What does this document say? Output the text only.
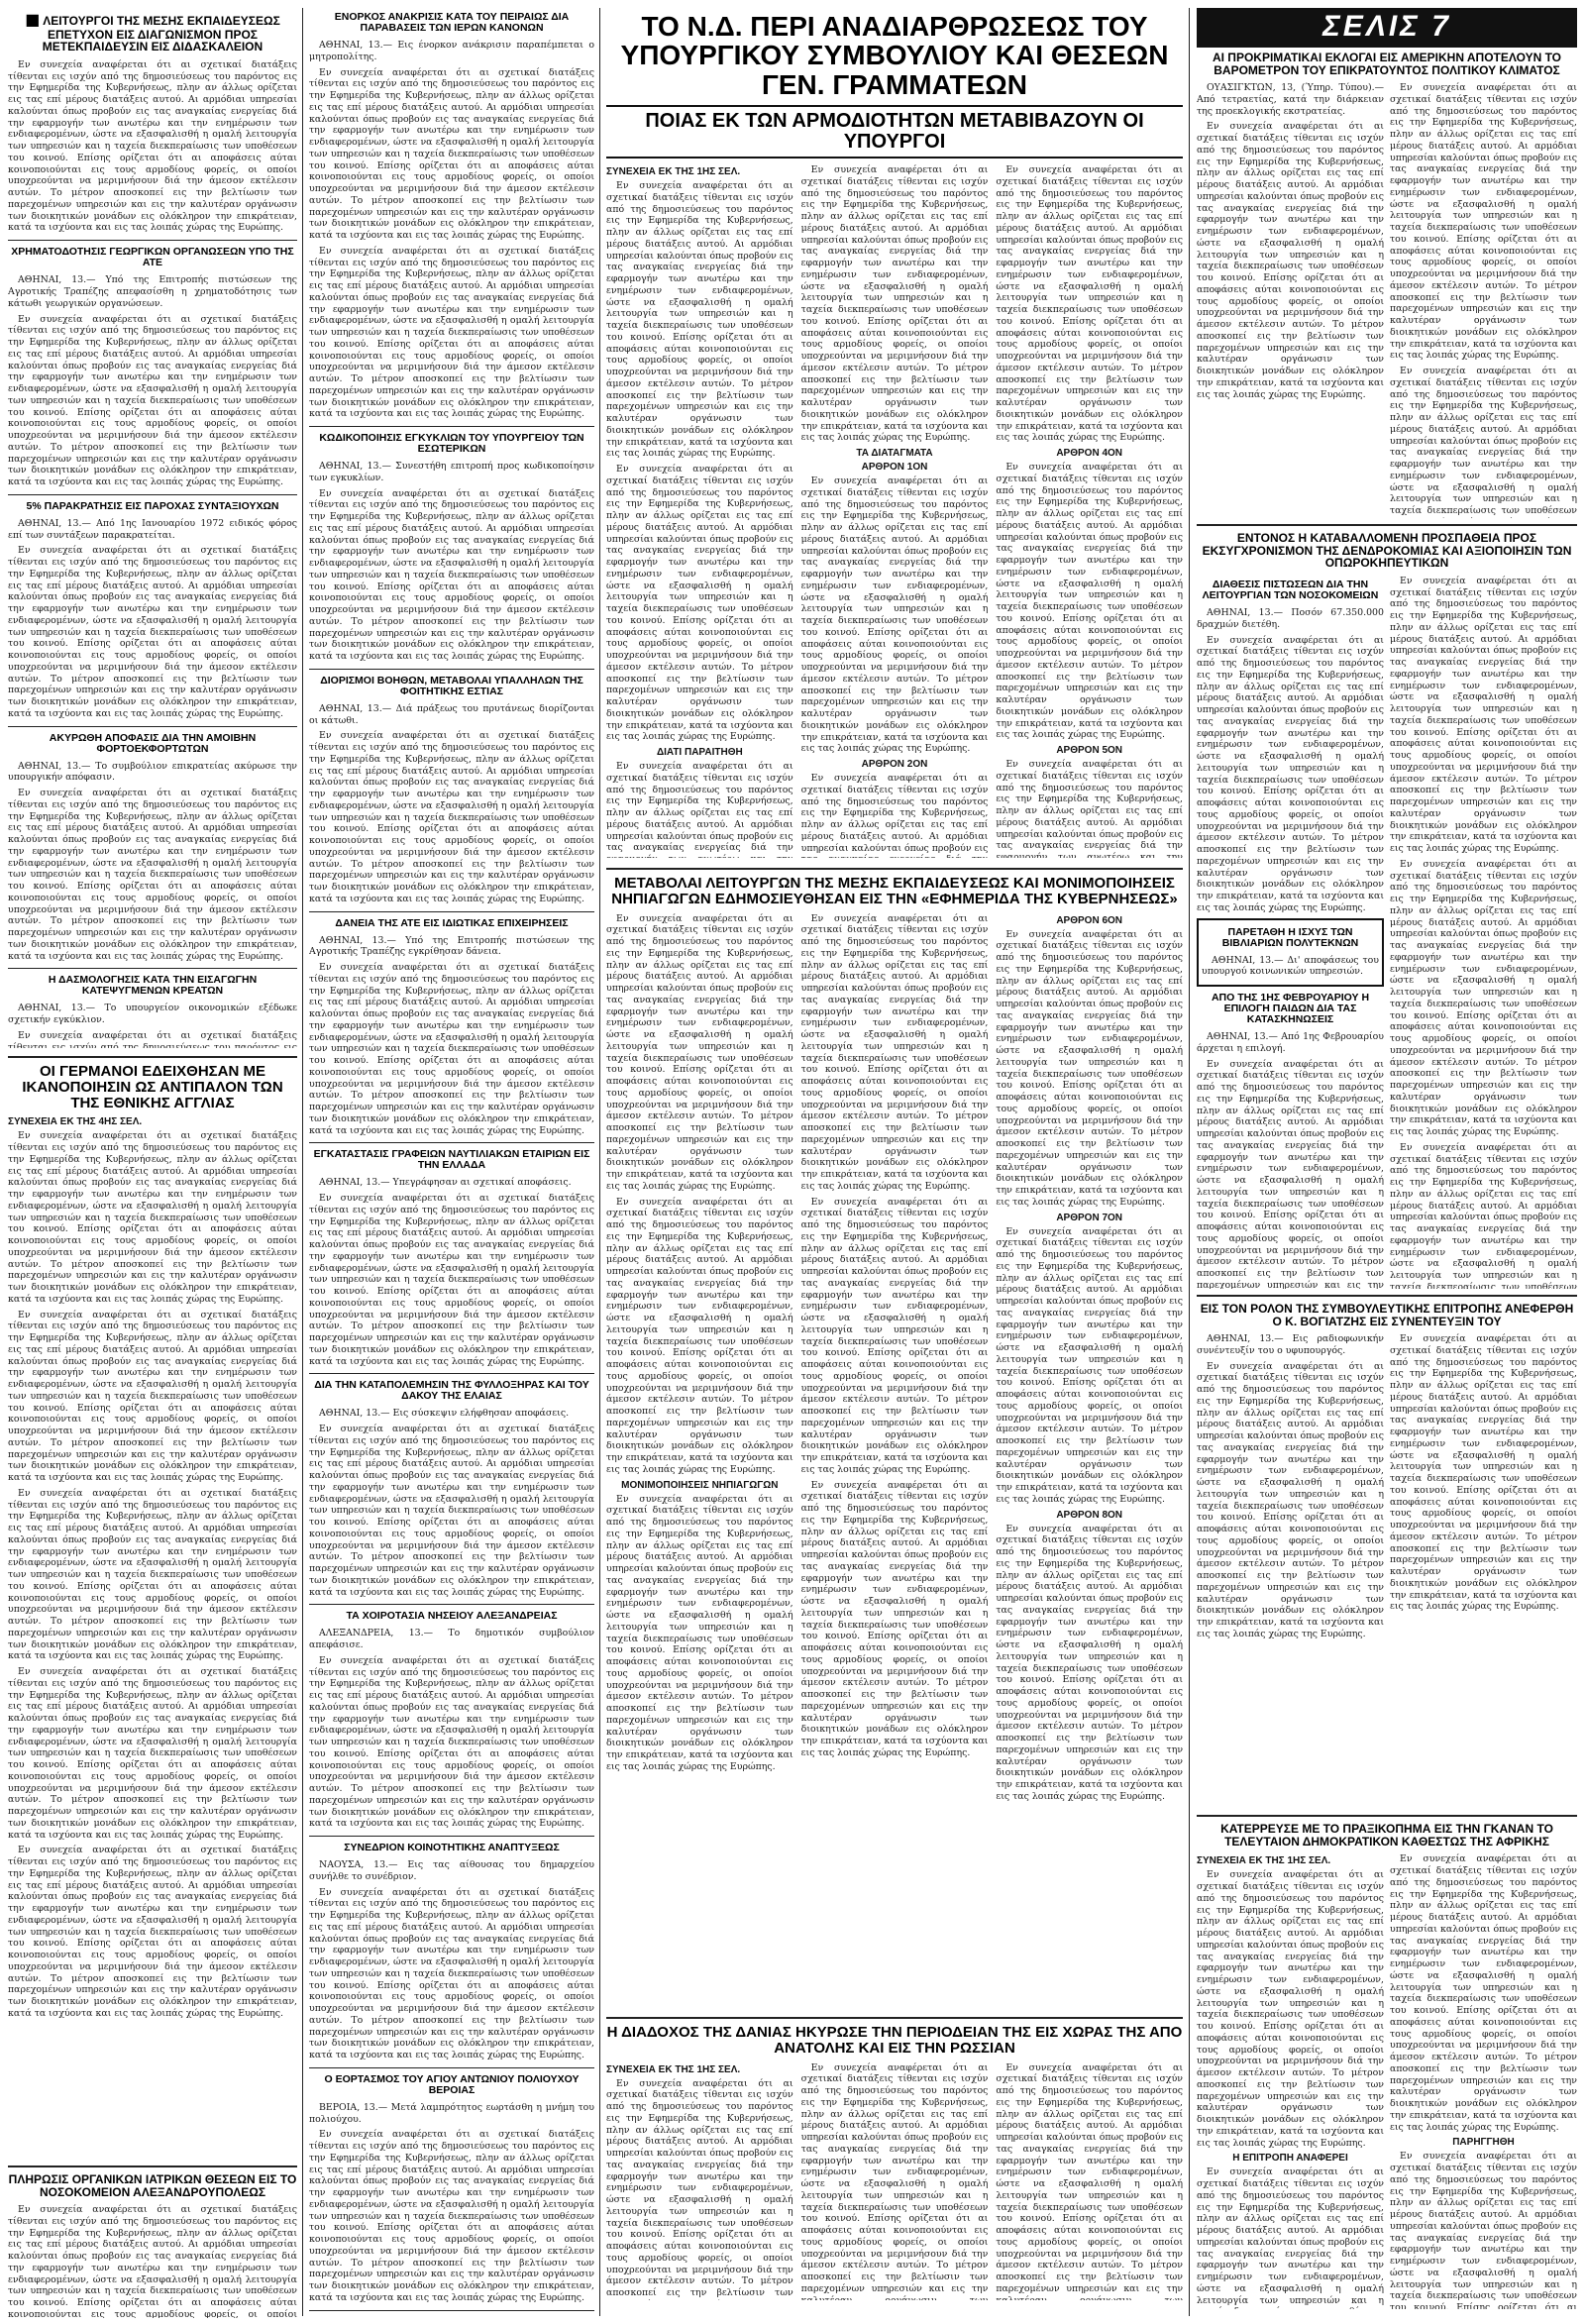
■ ΛΕΙΤΟΥΡΓΟΙ ΤΗΣ ΜΕΣΗΣ ΕΚΠΑΙΔΕΥΣΕΩΣ ΕΠΕΤΥΧΟΝ ΕΙΣ ΔΙΑΓΩΝΙΣΜΟΝ ΠΡΟΣ ΜΕΤΕΚΠΑΙΔΕΥΣΙΝ ΕΙΣ ΔΙΔΑΣΚΑΛΕΙΟΝ

Εν συνεχεία αναφέρεται ότι αι σχετικαί διατάξεις τίθενται εις ισχύν από της δημοσιεύσεως του παρόντος εις την Εφημερίδα της Κυβερνήσεως, πλην αν άλλως ορίζεται εις τας επί μέρους διατάξεις αυτού. Αι αρμόδιαι υπηρεσίαι καλούνται όπως προβούν εις τας αναγκαίας ενεργείας διά την εφαρμογήν των ανωτέρω και την ενημέρωσιν των ενδιαφερομένων, ώστε να εξασφαλισθή η ομαλή λειτουργία των υπηρεσιών και η ταχεία διεκπεραίωσις των υποθέσεων του κοινού. Επίσης ορίζεται ότι αι αποφάσεις αύται κοινοποιούνται εις τους αρμοδίους φορείς, οι οποίοι υποχρεούνται να μεριμνήσουν διά την άμεσον εκτέλεσιν αυτών. Το μέτρον αποσκοπεί εις την βελτίωσιν των παρεχομένων υπηρεσιών και εις την καλυτέραν οργάνωσιν των διοικητικών μονάδων εις ολόκληρον την επικράτειαν, κατά τα ισχύοντα και εις τας λοιπάς χώρας της Ευρώπης.

ΧΡΗΜΑΤΟΔΟΤΗΣΙΣ ΓΕΩΡΓΙΚΩΝ ΟΡΓΑΝΩΣΕΩΝ ΥΠΟ ΤΗΣ ΑΤΕ

ΑΘΗΝΑΙ, 13.— Υπό της Επιτροπής πιστώσεων της Αγροτικής Τραπέζης απεφασίσθη η χρηματοδότησις των κάτωθι γεωργικών οργανώσεων.

Εν συνεχεία αναφέρεται ότι αι σχετικαί διατάξεις τίθενται εις ισχύν από της δημοσιεύσεως του παρόντος εις την Εφημερίδα της Κυβερνήσεως, πλην αν άλλως ορίζεται εις τας επί μέρους διατάξεις αυτού. Αι αρμόδιαι υπηρεσίαι καλούνται όπως προβούν εις τας αναγκαίας ενεργείας διά την εφαρμογήν των ανωτέρω και την ενημέρωσιν των ενδιαφερομένων, ώστε να εξασφαλισθή η ομαλή λειτουργία των υπηρεσιών και η ταχεία διεκπεραίωσις των υποθέσεων του κοινού. Επίσης ορίζεται ότι αι αποφάσεις αύται κοινοποιούνται εις τους αρμοδίους φορείς, οι οποίοι υποχρεούνται να μεριμνήσουν διά την άμεσον εκτέλεσιν αυτών. Το μέτρον αποσκοπεί εις την βελτίωσιν των παρεχομένων υπηρεσιών και εις την καλυτέραν οργάνωσιν των διοικητικών μονάδων εις ολόκληρον την επικράτειαν, κατά τα ισχύοντα και εις τας λοιπάς χώρας της Ευρώπης.

5% ΠΑΡΑΚΡΑΤΗΣΙΣ ΕΙΣ ΠΑΡΟΧΑΣ ΣΥΝΤΑΞΙΟΥΧΩΝ

ΑΘΗΝΑΙ, 13.— Από 1ης Ιανουαρίου 1972 ειδικός φόρος επί των συντάξεων παρακρατείται.

Εν συνεχεία αναφέρεται ότι αι σχετικαί διατάξεις τίθενται εις ισχύν από της δημοσιεύσεως του παρόντος εις την Εφημερίδα της Κυβερνήσεως, πλην αν άλλως ορίζεται εις τας επί μέρους διατάξεις αυτού. Αι αρμόδιαι υπηρεσίαι καλούνται όπως προβούν εις τας αναγκαίας ενεργείας διά την εφαρμογήν των ανωτέρω και την ενημέρωσιν των ενδιαφερομένων, ώστε να εξασφαλισθή η ομαλή λειτουργία των υπηρεσιών και η ταχεία διεκπεραίωσις των υποθέσεων του κοινού. Επίσης ορίζεται ότι αι αποφάσεις αύται κοινοποιούνται εις τους αρμοδίους φορείς, οι οποίοι υποχρεούνται να μεριμνήσουν διά την άμεσον εκτέλεσιν αυτών. Το μέτρον αποσκοπεί εις την βελτίωσιν των παρεχομένων υπηρεσιών και εις την καλυτέραν οργάνωσιν των διοικητικών μονάδων εις ολόκληρον την επικράτειαν, κατά τα ισχύοντα και εις τας λοιπάς χώρας της Ευρώπης.

ΑΚΥΡΩΘΗ ΑΠΟΦΑΣΙΣ ΔΙΑ ΤΗΝ ΑΜΟΙΒΗΝ ΦΟΡΤΟΕΚΦΟΡΤΩΤΩΝ

ΑΘΗΝΑΙ, 13.— Το συμβούλιον επικρατείας ακύρωσε την υπουργικήν απόφασιν.

Εν συνεχεία αναφέρεται ότι αι σχετικαί διατάξεις τίθενται εις ισχύν από της δημοσιεύσεως του παρόντος εις την Εφημερίδα της Κυβερνήσεως, πλην αν άλλως ορίζεται εις τας επί μέρους διατάξεις αυτού. Αι αρμόδιαι υπηρεσίαι καλούνται όπως προβούν εις τας αναγκαίας ενεργείας διά την εφαρμογήν των ανωτέρω και την ενημέρωσιν των ενδιαφερομένων, ώστε να εξασφαλισθή η ομαλή λειτουργία των υπηρεσιών και η ταχεία διεκπεραίωσις των υποθέσεων του κοινού. Επίσης ορίζεται ότι αι αποφάσεις αύται κοινοποιούνται εις τους αρμοδίους φορείς, οι οποίοι υποχρεούνται να μεριμνήσουν διά την άμεσον εκτέλεσιν αυτών. Το μέτρον αποσκοπεί εις την βελτίωσιν των παρεχομένων υπηρεσιών και εις την καλυτέραν οργάνωσιν των διοικητικών μονάδων εις ολόκληρον την επικράτειαν, κατά τα ισχύοντα και εις τας λοιπάς χώρας της Ευρώπης.

Η ΔΑΣΜΟΛΟΓΗΣΙΣ ΚΑΤΑ ΤΗΝ ΕΙΣΑΓΩΓΗΝ ΚΑΤΕΨΥΓΜΕΝΩΝ ΚΡΕΑΤΩΝ

ΑΘΗΝΑΙ, 13.— Το υπουργείον οικονομικών εξέδωκε σχετικήν εγκύκλιον.

Εν συνεχεία αναφέρεται ότι αι σχετικαί διατάξεις τίθενται εις ισχύν από της δημοσιεύσεως του παρόντος εις την Εφημερίδα της Κυβερνήσεως, πλην αν άλλως ορίζεται εις τας επί μέρους διατάξεις αυτού. Αι αρμόδιαι υπηρεσίαι καλούνται όπως προβούν εις τας αναγκαίας ενεργείας διά την εφαρμογήν των ανωτέρω και την ενημέρωσιν των ενδιαφερομένων, ώστε να εξασφαλισθή η ομαλή λειτουργία των υπηρεσιών και η ταχεία διεκπεραίωσις των υποθέσεων του κοινού. Επίσης ορίζεται ότι αι αποφάσεις αύται κοινοποιούνται εις τους αρμοδίους φορείς, οι οποίοι υποχρεούνται να μεριμνήσουν διά την άμεσον εκτέλεσιν αυτών. Το μέτρον αποσκοπεί εις την βελτίωσιν των παρεχομένων υπηρεσιών και εις την καλυτέραν οργάνωσιν των διοικητικών μονάδων εις ολόκληρον την επικράτειαν, κατά τα ισχύοντα και εις τας λοιπάς χώρας της Ευρώπης.

ΕΝΟΡΚΟΣ ΑΝΑΚΡΙΣΙΣ ΚΑΤΑ ΤΟΥ ΠΕΙΡΑΙΩΣ ΔΙΑ ΠΑΡΑΒΑΣΕΙΣ ΤΩΝ ΙΕΡΩΝ ΚΑΝΟΝΩΝ

ΑΘΗΝΑΙ, 13.— Εις ένορκον ανάκρισιν παραπέμπεται ο μητροπολίτης.

Εν συνεχεία αναφέρεται ότι αι σχετικαί διατάξεις τίθενται εις ισχύν από της δημοσιεύσεως του παρόντος εις την Εφημερίδα της Κυβερνήσεως, πλην αν άλλως ορίζεται εις τας επί μέρους διατάξεις αυτού. Αι αρμόδιαι υπηρεσίαι καλούνται όπως προβούν εις τας αναγκαίας ενεργείας διά την εφαρμογήν των ανωτέρω και την ενημέρωσιν των ενδιαφερομένων, ώστε να εξασφαλισθή η ομαλή λειτουργία των υπηρεσιών και η ταχεία διεκπεραίωσις των υποθέσεων του κοινού. Επίσης ορίζεται ότι αι αποφάσεις αύται κοινοποιούνται εις τους αρμοδίους φορείς, οι οποίοι υποχρεούνται να μεριμνήσουν διά την άμεσον εκτέλεσιν αυτών. Το μέτρον αποσκοπεί εις την βελτίωσιν των παρεχομένων υπηρεσιών και εις την καλυτέραν οργάνωσιν των διοικητικών μονάδων εις ολόκληρον την επικράτειαν, κατά τα ισχύοντα και εις τας λοιπάς χώρας της Ευρώπης.

Εν συνεχεία αναφέρεται ότι αι σχετικαί διατάξεις τίθενται εις ισχύν από της δημοσιεύσεως του παρόντος εις την Εφημερίδα της Κυβερνήσεως, πλην αν άλλως ορίζεται εις τας επί μέρους διατάξεις αυτού. Αι αρμόδιαι υπηρεσίαι καλούνται όπως προβούν εις τας αναγκαίας ενεργείας διά την εφαρμογήν των ανωτέρω και την ενημέρωσιν των ενδιαφερομένων, ώστε να εξασφαλισθή η ομαλή λειτουργία των υπηρεσιών και η ταχεία διεκπεραίωσις των υποθέσεων του κοινού. Επίσης ορίζεται ότι αι αποφάσεις αύται κοινοποιούνται εις τους αρμοδίους φορείς, οι οποίοι υποχρεούνται να μεριμνήσουν διά την άμεσον εκτέλεσιν αυτών. Το μέτρον αποσκοπεί εις την βελτίωσιν των παρεχομένων υπηρεσιών και εις την καλυτέραν οργάνωσιν των διοικητικών μονάδων εις ολόκληρον την επικράτειαν, κατά τα ισχύοντα και εις τας λοιπάς χώρας της Ευρώπης.

ΚΩΔΙΚΟΠΟΙΗΣΙΣ ΕΓΚΥΚΛΙΩΝ ΤΟΥ ΥΠΟΥΡΓΕΙΟΥ ΤΩΝ ΕΣΩΤΕΡΙΚΩΝ

ΑΘΗΝΑΙ, 13.— Συνεστήθη επιτροπή προς κωδικοποίησιν των εγκυκλίων.

Εν συνεχεία αναφέρεται ότι αι σχετικαί διατάξεις τίθενται εις ισχύν από της δημοσιεύσεως του παρόντος εις την Εφημερίδα της Κυβερνήσεως, πλην αν άλλως ορίζεται εις τας επί μέρους διατάξεις αυτού. Αι αρμόδιαι υπηρεσίαι καλούνται όπως προβούν εις τας αναγκαίας ενεργείας διά την εφαρμογήν των ανωτέρω και την ενημέρωσιν των ενδιαφερομένων, ώστε να εξασφαλισθή η ομαλή λειτουργία των υπηρεσιών και η ταχεία διεκπεραίωσις των υποθέσεων του κοινού. Επίσης ορίζεται ότι αι αποφάσεις αύται κοινοποιούνται εις τους αρμοδίους φορείς, οι οποίοι υποχρεούνται να μεριμνήσουν διά την άμεσον εκτέλεσιν αυτών. Το μέτρον αποσκοπεί εις την βελτίωσιν των παρεχομένων υπηρεσιών και εις την καλυτέραν οργάνωσιν των διοικητικών μονάδων εις ολόκληρον την επικράτειαν, κατά τα ισχύοντα και εις τας λοιπάς χώρας της Ευρώπης.

ΔΙΟΡΙΣΜΟΙ ΒΟΗΘΩΝ, ΜΕΤΑΒΟΛΑΙ ΥΠΑΛΛΗΛΩΝ ΤΗΣ ΦΟΙΤΗΤΙΚΗΣ ΕΣΤΙΑΣ

ΑΘΗΝΑΙ, 13.— Διά πράξεως του πρυτάνεως διορίζονται οι κάτωθι.

Εν συνεχεία αναφέρεται ότι αι σχετικαί διατάξεις τίθενται εις ισχύν από της δημοσιεύσεως του παρόντος εις την Εφημερίδα της Κυβερνήσεως, πλην αν άλλως ορίζεται εις τας επί μέρους διατάξεις αυτού. Αι αρμόδιαι υπηρεσίαι καλούνται όπως προβούν εις τας αναγκαίας ενεργείας διά την εφαρμογήν των ανωτέρω και την ενημέρωσιν των ενδιαφερομένων, ώστε να εξασφαλισθή η ομαλή λειτουργία των υπηρεσιών και η ταχεία διεκπεραίωσις των υποθέσεων του κοινού. Επίσης ορίζεται ότι αι αποφάσεις αύται κοινοποιούνται εις τους αρμοδίους φορείς, οι οποίοι υποχρεούνται να μεριμνήσουν διά την άμεσον εκτέλεσιν αυτών. Το μέτρον αποσκοπεί εις την βελτίωσιν των παρεχομένων υπηρεσιών και εις την καλυτέραν οργάνωσιν των διοικητικών μονάδων εις ολόκληρον την επικράτειαν, κατά τα ισχύοντα και εις τας λοιπάς χώρας της Ευρώπης.

ΔΑΝΕΙΑ ΤΗΣ ΑΤΕ ΕΙΣ ΙΔΙΩΤΙΚΑΣ ΕΠΙΧΕΙΡΗΣΕΙΣ

ΑΘΗΝΑΙ, 13.— Υπό της Επιτροπής πιστώσεων της Αγροτικής Τραπέζης εγκρίθησαν δάνεια.

Εν συνεχεία αναφέρεται ότι αι σχετικαί διατάξεις τίθενται εις ισχύν από της δημοσιεύσεως του παρόντος εις την Εφημερίδα της Κυβερνήσεως, πλην αν άλλως ορίζεται εις τας επί μέρους διατάξεις αυτού. Αι αρμόδιαι υπηρεσίαι καλούνται όπως προβούν εις τας αναγκαίας ενεργείας διά την εφαρμογήν των ανωτέρω και την ενημέρωσιν των ενδιαφερομένων, ώστε να εξασφαλισθή η ομαλή λειτουργία των υπηρεσιών και η ταχεία διεκπεραίωσις των υποθέσεων του κοινού. Επίσης ορίζεται ότι αι αποφάσεις αύται κοινοποιούνται εις τους αρμοδίους φορείς, οι οποίοι υποχρεούνται να μεριμνήσουν διά την άμεσον εκτέλεσιν αυτών. Το μέτρον αποσκοπεί εις την βελτίωσιν των παρεχομένων υπηρεσιών και εις την καλυτέραν οργάνωσιν των διοικητικών μονάδων εις ολόκληρον την επικράτειαν, κατά τα ισχύοντα και εις τας λοιπάς χώρας της Ευρώπης.

ΕΓΚΑΤΑΣΤΑΣΙΣ ΓΡΑΦΕΙΩΝ ΝΑΥΤΙΛΙΑΚΩΝ ΕΤΑΙΡΙΩΝ ΕΙΣ ΤΗΝ ΕΛΛΑΔΑ

ΑΘΗΝΑΙ, 13.— Υπεγράφησαν αι σχετικαί αποφάσεις.

Εν συνεχεία αναφέρεται ότι αι σχετικαί διατάξεις τίθενται εις ισχύν από της δημοσιεύσεως του παρόντος εις την Εφημερίδα της Κυβερνήσεως, πλην αν άλλως ορίζεται εις τας επί μέρους διατάξεις αυτού. Αι αρμόδιαι υπηρεσίαι καλούνται όπως προβούν εις τας αναγκαίας ενεργείας διά την εφαρμογήν των ανωτέρω και την ενημέρωσιν των ενδιαφερομένων, ώστε να εξασφαλισθή η ομαλή λειτουργία των υπηρεσιών και η ταχεία διεκπεραίωσις των υποθέσεων του κοινού. Επίσης ορίζεται ότι αι αποφάσεις αύται κοινοποιούνται εις τους αρμοδίους φορείς, οι οποίοι υποχρεούνται να μεριμνήσουν διά την άμεσον εκτέλεσιν αυτών. Το μέτρον αποσκοπεί εις την βελτίωσιν των παρεχομένων υπηρεσιών και εις την καλυτέραν οργάνωσιν των διοικητικών μονάδων εις ολόκληρον την επικράτειαν, κατά τα ισχύοντα και εις τας λοιπάς χώρας της Ευρώπης.

ΔΙΑ ΤΗΝ ΚΑΤΑΠΟΛΕΜΗΣΙΝ ΤΗΣ ΦΥΛΛΟΞΗΡΑΣ ΚΑΙ ΤΟΥ ΔΑΚΟΥ ΤΗΣ ΕΛΑΙΑΣ

ΑΘΗΝΑΙ, 13.— Εις σύσκεψιν ελήφθησαν αποφάσεις.

Εν συνεχεία αναφέρεται ότι αι σχετικαί διατάξεις τίθενται εις ισχύν από της δημοσιεύσεως του παρόντος εις την Εφημερίδα της Κυβερνήσεως, πλην αν άλλως ορίζεται εις τας επί μέρους διατάξεις αυτού. Αι αρμόδιαι υπηρεσίαι καλούνται όπως προβούν εις τας αναγκαίας ενεργείας διά την εφαρμογήν των ανωτέρω και την ενημέρωσιν των ενδιαφερομένων, ώστε να εξασφαλισθή η ομαλή λειτουργία των υπηρεσιών και η ταχεία διεκπεραίωσις των υποθέσεων του κοινού. Επίσης ορίζεται ότι αι αποφάσεις αύται κοινοποιούνται εις τους αρμοδίους φορείς, οι οποίοι υποχρεούνται να μεριμνήσουν διά την άμεσον εκτέλεσιν αυτών. Το μέτρον αποσκοπεί εις την βελτίωσιν των παρεχομένων υπηρεσιών και εις την καλυτέραν οργάνωσιν των διοικητικών μονάδων εις ολόκληρον την επικράτειαν, κατά τα ισχύοντα και εις τας λοιπάς χώρας της Ευρώπης.

ΤΑ ΧΟΙΡΟΤΑΣΙΑ ΝΗΣΕΙΟΥ ΑΛΕΞΑΝΔΡΕΙΑΣ

ΑΛΕΞΑΝΔΡΕΙΑ, 13.— Το δημοτικόν συμβούλιον απεφάσισε.

Εν συνεχεία αναφέρεται ότι αι σχετικαί διατάξεις τίθενται εις ισχύν από της δημοσιεύσεως του παρόντος εις την Εφημερίδα της Κυβερνήσεως, πλην αν άλλως ορίζεται εις τας επί μέρους διατάξεις αυτού. Αι αρμόδιαι υπηρεσίαι καλούνται όπως προβούν εις τας αναγκαίας ενεργείας διά την εφαρμογήν των ανωτέρω και την ενημέρωσιν των ενδιαφερομένων, ώστε να εξασφαλισθή η ομαλή λειτουργία των υπηρεσιών και η ταχεία διεκπεραίωσις των υποθέσεων του κοινού. Επίσης ορίζεται ότι αι αποφάσεις αύται κοινοποιούνται εις τους αρμοδίους φορείς, οι οποίοι υποχρεούνται να μεριμνήσουν διά την άμεσον εκτέλεσιν αυτών. Το μέτρον αποσκοπεί εις την βελτίωσιν των παρεχομένων υπηρεσιών και εις την καλυτέραν οργάνωσιν των διοικητικών μονάδων εις ολόκληρον την επικράτειαν, κατά τα ισχύοντα και εις τας λοιπάς χώρας της Ευρώπης.

ΣΥΝΕΔΡΙΟΝ ΚΟΙΝΟΤΗΤΙΚΗΣ ΑΝΑΠΤΥΞΕΩΣ

ΝΑΟΥΣΑ, 13.— Εις τας αίθουσας του δημαρχείου συνήλθε το συνέδριον.

Εν συνεχεία αναφέρεται ότι αι σχετικαί διατάξεις τίθενται εις ισχύν από της δημοσιεύσεως του παρόντος εις την Εφημερίδα της Κυβερνήσεως, πλην αν άλλως ορίζεται εις τας επί μέρους διατάξεις αυτού. Αι αρμόδιαι υπηρεσίαι καλούνται όπως προβούν εις τας αναγκαίας ενεργείας διά την εφαρμογήν των ανωτέρω και την ενημέρωσιν των ενδιαφερομένων, ώστε να εξασφαλισθή η ομαλή λειτουργία των υπηρεσιών και η ταχεία διεκπεραίωσις των υποθέσεων του κοινού. Επίσης ορίζεται ότι αι αποφάσεις αύται κοινοποιούνται εις τους αρμοδίους φορείς, οι οποίοι υποχρεούνται να μεριμνήσουν διά την άμεσον εκτέλεσιν αυτών. Το μέτρον αποσκοπεί εις την βελτίωσιν των παρεχομένων υπηρεσιών και εις την καλυτέραν οργάνωσιν των διοικητικών μονάδων εις ολόκληρον την επικράτειαν, κατά τα ισχύοντα και εις τας λοιπάς χώρας της Ευρώπης.

Ο ΕΟΡΤΑΣΜΟΣ ΤΟΥ ΑΓΙΟΥ ΑΝΤΩΝΙΟΥ ΠΟΛΙΟΥΧΟΥ ΒΕΡΟΙΑΣ

ΒΕΡΟΙΑ, 13.— Μετά λαμπρότητος εωρτάσθη η μνήμη του πολιούχου.

Εν συνεχεία αναφέρεται ότι αι σχετικαί διατάξεις τίθενται εις ισχύν από της δημοσιεύσεως του παρόντος εις την Εφημερίδα της Κυβερνήσεως, πλην αν άλλως ορίζεται εις τας επί μέρους διατάξεις αυτού. Αι αρμόδιαι υπηρεσίαι καλούνται όπως προβούν εις τας αναγκαίας ενεργείας διά την εφαρμογήν των ανωτέρω και την ενημέρωσιν των ενδιαφερομένων, ώστε να εξασφαλισθή η ομαλή λειτουργία των υπηρεσιών και η ταχεία διεκπεραίωσις των υποθέσεων του κοινού. Επίσης ορίζεται ότι αι αποφάσεις αύται κοινοποιούνται εις τους αρμοδίους φορείς, οι οποίοι υποχρεούνται να μεριμνήσουν διά την άμεσον εκτέλεσιν αυτών. Το μέτρον αποσκοπεί εις την βελτίωσιν των παρεχομένων υπηρεσιών και εις την καλυτέραν οργάνωσιν των διοικητικών μονάδων εις ολόκληρον την επικράτειαν, κατά τα ισχύοντα και εις τας λοιπάς χώρας της Ευρώπης.

ΟΙ ΓΕΡΜΑΝΟΙ ΕΔΕΙΧΘΗΣΑΝ ΜΕ ΙΚΑΝΟΠΟΙΗΣΙΝ ΩΣ ΑΝΤΙΠΑΛΟΝ ΤΩΝ ΤΗΣ ΕΘΝΙΚΗΣ ΑΓΓΛΙΑΣ
ΣΥΝΕΧΕΙΑ ΕΚ ΤΗΣ 4ΗΣ ΣΕΛ.

Εν συνεχεία αναφέρεται ότι αι σχετικαί διατάξεις τίθενται εις ισχύν από της δημοσιεύσεως του παρόντος εις την Εφημερίδα της Κυβερνήσεως, πλην αν άλλως ορίζεται εις τας επί μέρους διατάξεις αυτού. Αι αρμόδιαι υπηρεσίαι καλούνται όπως προβούν εις τας αναγκαίας ενεργείας διά την εφαρμογήν των ανωτέρω και την ενημέρωσιν των ενδιαφερομένων, ώστε να εξασφαλισθή η ομαλή λειτουργία των υπηρεσιών και η ταχεία διεκπεραίωσις των υποθέσεων του κοινού. Επίσης ορίζεται ότι αι αποφάσεις αύται κοινοποιούνται εις τους αρμοδίους φορείς, οι οποίοι υποχρεούνται να μεριμνήσουν διά την άμεσον εκτέλεσιν αυτών. Το μέτρον αποσκοπεί εις την βελτίωσιν των παρεχομένων υπηρεσιών και εις την καλυτέραν οργάνωσιν των διοικητικών μονάδων εις ολόκληρον την επικράτειαν, κατά τα ισχύοντα και εις τας λοιπάς χώρας της Ευρώπης.

Εν συνεχεία αναφέρεται ότι αι σχετικαί διατάξεις τίθενται εις ισχύν από της δημοσιεύσεως του παρόντος εις την Εφημερίδα της Κυβερνήσεως, πλην αν άλλως ορίζεται εις τας επί μέρους διατάξεις αυτού. Αι αρμόδιαι υπηρεσίαι καλούνται όπως προβούν εις τας αναγκαίας ενεργείας διά την εφαρμογήν των ανωτέρω και την ενημέρωσιν των ενδιαφερομένων, ώστε να εξασφαλισθή η ομαλή λειτουργία των υπηρεσιών και η ταχεία διεκπεραίωσις των υποθέσεων του κοινού. Επίσης ορίζεται ότι αι αποφάσεις αύται κοινοποιούνται εις τους αρμοδίους φορείς, οι οποίοι υποχρεούνται να μεριμνήσουν διά την άμεσον εκτέλεσιν αυτών. Το μέτρον αποσκοπεί εις την βελτίωσιν των παρεχομένων υπηρεσιών και εις την καλυτέραν οργάνωσιν των διοικητικών μονάδων εις ολόκληρον την επικράτειαν, κατά τα ισχύοντα και εις τας λοιπάς χώρας της Ευρώπης.

Εν συνεχεία αναφέρεται ότι αι σχετικαί διατάξεις τίθενται εις ισχύν από της δημοσιεύσεως του παρόντος εις την Εφημερίδα της Κυβερνήσεως, πλην αν άλλως ορίζεται εις τας επί μέρους διατάξεις αυτού. Αι αρμόδιαι υπηρεσίαι καλούνται όπως προβούν εις τας αναγκαίας ενεργείας διά την εφαρμογήν των ανωτέρω και την ενημέρωσιν των ενδιαφερομένων, ώστε να εξασφαλισθή η ομαλή λειτουργία των υπηρεσιών και η ταχεία διεκπεραίωσις των υποθέσεων του κοινού. Επίσης ορίζεται ότι αι αποφάσεις αύται κοινοποιούνται εις τους αρμοδίους φορείς, οι οποίοι υποχρεούνται να μεριμνήσουν διά την άμεσον εκτέλεσιν αυτών. Το μέτρον αποσκοπεί εις την βελτίωσιν των παρεχομένων υπηρεσιών και εις την καλυτέραν οργάνωσιν των διοικητικών μονάδων εις ολόκληρον την επικράτειαν, κατά τα ισχύοντα και εις τας λοιπάς χώρας της Ευρώπης.

Εν συνεχεία αναφέρεται ότι αι σχετικαί διατάξεις τίθενται εις ισχύν από της δημοσιεύσεως του παρόντος εις την Εφημερίδα της Κυβερνήσεως, πλην αν άλλως ορίζεται εις τας επί μέρους διατάξεις αυτού. Αι αρμόδιαι υπηρεσίαι καλούνται όπως προβούν εις τας αναγκαίας ενεργείας διά την εφαρμογήν των ανωτέρω και την ενημέρωσιν των ενδιαφερομένων, ώστε να εξασφαλισθή η ομαλή λειτουργία των υπηρεσιών και η ταχεία διεκπεραίωσις των υποθέσεων του κοινού. Επίσης ορίζεται ότι αι αποφάσεις αύται κοινοποιούνται εις τους αρμοδίους φορείς, οι οποίοι υποχρεούνται να μεριμνήσουν διά την άμεσον εκτέλεσιν αυτών. Το μέτρον αποσκοπεί εις την βελτίωσιν των παρεχομένων υπηρεσιών και εις την καλυτέραν οργάνωσιν των διοικητικών μονάδων εις ολόκληρον την επικράτειαν, κατά τα ισχύοντα και εις τας λοιπάς χώρας της Ευρώπης.

Εν συνεχεία αναφέρεται ότι αι σχετικαί διατάξεις τίθενται εις ισχύν από της δημοσιεύσεως του παρόντος εις την Εφημερίδα της Κυβερνήσεως, πλην αν άλλως ορίζεται εις τας επί μέρους διατάξεις αυτού. Αι αρμόδιαι υπηρεσίαι καλούνται όπως προβούν εις τας αναγκαίας ενεργείας διά την εφαρμογήν των ανωτέρω και την ενημέρωσιν των ενδιαφερομένων, ώστε να εξασφαλισθή η ομαλή λειτουργία των υπηρεσιών και η ταχεία διεκπεραίωσις των υποθέσεων του κοινού. Επίσης ορίζεται ότι αι αποφάσεις αύται κοινοποιούνται εις τους αρμοδίους φορείς, οι οποίοι υποχρεούνται να μεριμνήσουν διά την άμεσον εκτέλεσιν αυτών. Το μέτρον αποσκοπεί εις την βελτίωσιν των παρεχομένων υπηρεσιών και εις την καλυτέραν οργάνωσιν των διοικητικών μονάδων εις ολόκληρον την επικράτειαν, κατά τα ισχύοντα και εις τας λοιπάς χώρας της Ευρώπης.

ΠΛΗΡΩΣΙΣ ΟΡΓΑΝΙΚΩΝ ΙΑΤΡΙΚΩΝ ΘΕΣΕΩΝ ΕΙΣ ΤΟ ΝΟΣΟΚΟΜΕΙΟΝ ΑΛΕΞΑΝΔΡΟΥΠΟΛΕΩΣ

Εν συνεχεία αναφέρεται ότι αι σχετικαί διατάξεις τίθενται εις ισχύν από της δημοσιεύσεως του παρόντος εις την Εφημερίδα της Κυβερνήσεως, πλην αν άλλως ορίζεται εις τας επί μέρους διατάξεις αυτού. Αι αρμόδιαι υπηρεσίαι καλούνται όπως προβούν εις τας αναγκαίας ενεργείας διά την εφαρμογήν των ανωτέρω και την ενημέρωσιν των ενδιαφερομένων, ώστε να εξασφαλισθή η ομαλή λειτουργία των υπηρεσιών και η ταχεία διεκπεραίωσις των υποθέσεων του κοινού. Επίσης ορίζεται ότι αι αποφάσεις αύται κοινοποιούνται εις τους αρμοδίους φορείς, οι οποίοι υποχρεούνται να μεριμνήσουν διά την άμεσον εκτέλεσιν αυτών. Το μέτρον αποσκοπεί εις την βελτίωσιν των παρεχομένων υπηρεσιών και εις την καλυτέραν οργάνωσιν των διοικητικών μονάδων εις ολόκληρον την επικράτειαν, κατά τα ισχύοντα και εις τας λοιπάς χώρας της Ευρώπης.

ΤΟ Ν.Δ. ΠΕΡΙ ΑΝΑΔΙΑΡΘΡΩΣΕΩΣ ΤΟΥ ΥΠΟΥΡΓΙΚΟΥ ΣΥΜΒΟΥΛΙΟΥ ΚΑΙ ΘΕΣΕΩΝ ΓΕΝ. ΓΡΑΜΜΑΤΕΩΝ
ΠΟΙΑΣ ΕΚ ΤΩΝ ΑΡΜΟΔΙΟΤΗΤΩΝ ΜΕΤΑΒΙΒΑΖΟΥΝ ΟΙ ΥΠΟΥΡΓΟΙ
ΣΥΝΕΧΕΙΑ ΕΚ ΤΗΣ 1ΗΣ ΣΕΛ.

Εν συνεχεία αναφέρεται ότι αι σχετικαί διατάξεις τίθενται εις ισχύν από της δημοσιεύσεως του παρόντος εις την Εφημερίδα της Κυβερνήσεως, πλην αν άλλως ορίζεται εις τας επί μέρους διατάξεις αυτού. Αι αρμόδιαι υπηρεσίαι καλούνται όπως προβούν εις τας αναγκαίας ενεργείας διά την εφαρμογήν των ανωτέρω και την ενημέρωσιν των ενδιαφερομένων, ώστε να εξασφαλισθή η ομαλή λειτουργία των υπηρεσιών και η ταχεία διεκπεραίωσις των υποθέσεων του κοινού. Επίσης ορίζεται ότι αι αποφάσεις αύται κοινοποιούνται εις τους αρμοδίους φορείς, οι οποίοι υποχρεούνται να μεριμνήσουν διά την άμεσον εκτέλεσιν αυτών. Το μέτρον αποσκοπεί εις την βελτίωσιν των παρεχομένων υπηρεσιών και εις την καλυτέραν οργάνωσιν των διοικητικών μονάδων εις ολόκληρον την επικράτειαν, κατά τα ισχύοντα και εις τας λοιπάς χώρας της Ευρώπης.

Εν συνεχεία αναφέρεται ότι αι σχετικαί διατάξεις τίθενται εις ισχύν από της δημοσιεύσεως του παρόντος εις την Εφημερίδα της Κυβερνήσεως, πλην αν άλλως ορίζεται εις τας επί μέρους διατάξεις αυτού. Αι αρμόδιαι υπηρεσίαι καλούνται όπως προβούν εις τας αναγκαίας ενεργείας διά την εφαρμογήν των ανωτέρω και την ενημέρωσιν των ενδιαφερομένων, ώστε να εξασφαλισθή η ομαλή λειτουργία των υπηρεσιών και η ταχεία διεκπεραίωσις των υποθέσεων του κοινού. Επίσης ορίζεται ότι αι αποφάσεις αύται κοινοποιούνται εις τους αρμοδίους φορείς, οι οποίοι υποχρεούνται να μεριμνήσουν διά την άμεσον εκτέλεσιν αυτών. Το μέτρον αποσκοπεί εις την βελτίωσιν των παρεχομένων υπηρεσιών και εις την καλυτέραν οργάνωσιν των διοικητικών μονάδων εις ολόκληρον την επικράτειαν, κατά τα ισχύοντα και εις τας λοιπάς χώρας της Ευρώπης.

ΔΙΑΤΙ ΠΑΡΑΙΤΗΘΗ

Εν συνεχεία αναφέρεται ότι αι σχετικαί διατάξεις τίθενται εις ισχύν από της δημοσιεύσεως του παρόντος εις την Εφημερίδα της Κυβερνήσεως, πλην αν άλλως ορίζεται εις τας επί μέρους διατάξεις αυτού. Αι αρμόδιαι υπηρεσίαι καλούνται όπως προβούν εις τας αναγκαίας ενεργείας διά την εφαρμογήν των ανωτέρω και την ενημέρωσιν των ενδιαφερομένων, ώστε να εξασφαλισθή η ομαλή λειτουργία των υπηρεσιών και η ταχεία διεκπεραίωσις των υποθέσεων του κοινού. Επίσης ορίζεται ότι αι αποφάσεις αύται κοινοποιούνται εις τους αρμοδίους φορείς, οι οποίοι υποχρεούνται να μεριμνήσουν διά την άμεσον εκτέλεσιν αυτών. Το μέτρον αποσκοπεί εις την βελτίωσιν των παρεχομένων υπηρεσιών και εις την καλυτέραν οργάνωσιν των διοικητικών μονάδων εις ολόκληρον την επικράτειαν, κατά τα ισχύοντα και εις τας λοιπάς χώρας της Ευρώπης.

Εν συνεχεία αναφέρεται ότι αι σχετικαί διατάξεις τίθενται εις ισχύν από της δημοσιεύσεως του παρόντος εις την Εφημερίδα της Κυβερνήσεως, πλην αν άλλως ορίζεται εις τας επί μέρους διατάξεις αυτού. Αι αρμόδιαι υπηρεσίαι καλούνται όπως προβούν εις τας αναγκαίας ενεργείας διά την εφαρμογήν των ανωτέρω και την ενημέρωσιν των ενδιαφερομένων, ώστε να εξασφαλισθή η ομαλή λειτουργία των υπηρεσιών και η ταχεία διεκπεραίωσις των υποθέσεων του κοινού. Επίσης ορίζεται ότι αι αποφάσεις αύται κοινοποιούνται εις τους αρμοδίους φορείς, οι οποίοι υποχρεούνται να μεριμνήσουν διά την άμεσον εκτέλεσιν αυτών. Το μέτρον αποσκοπεί εις την βελτίωσιν των παρεχομένων υπηρεσιών και εις την καλυτέραν οργάνωσιν των διοικητικών μονάδων εις ολόκληρον την επικράτειαν, κατά τα ισχύοντα και εις τας λοιπάς χώρας της Ευρώπης.

ΤΑ ΔΙΑΤΑΓΜΑΤΑ
ΑΡΘΡΟΝ 1ΟΝ

Εν συνεχεία αναφέρεται ότι αι σχετικαί διατάξεις τίθενται εις ισχύν από της δημοσιεύσεως του παρόντος εις την Εφημερίδα της Κυβερνήσεως, πλην αν άλλως ορίζεται εις τας επί μέρους διατάξεις αυτού. Αι αρμόδιαι υπηρεσίαι καλούνται όπως προβούν εις τας αναγκαίας ενεργείας διά την εφαρμογήν των ανωτέρω και την ενημέρωσιν των ενδιαφερομένων, ώστε να εξασφαλισθή η ομαλή λειτουργία των υπηρεσιών και η ταχεία διεκπεραίωσις των υποθέσεων του κοινού. Επίσης ορίζεται ότι αι αποφάσεις αύται κοινοποιούνται εις τους αρμοδίους φορείς, οι οποίοι υποχρεούνται να μεριμνήσουν διά την άμεσον εκτέλεσιν αυτών. Το μέτρον αποσκοπεί εις την βελτίωσιν των παρεχομένων υπηρεσιών και εις την καλυτέραν οργάνωσιν των διοικητικών μονάδων εις ολόκληρον την επικράτειαν, κατά τα ισχύοντα και εις τας λοιπάς χώρας της Ευρώπης.

ΑΡΘΡΟΝ 2ΟΝ

Εν συνεχεία αναφέρεται ότι αι σχετικαί διατάξεις τίθενται εις ισχύν από της δημοσιεύσεως του παρόντος εις την Εφημερίδα της Κυβερνήσεως, πλην αν άλλως ορίζεται εις τας επί μέρους διατάξεις αυτού. Αι αρμόδιαι υπηρεσίαι καλούνται όπως προβούν εις τας αναγκαίας ενεργείας διά την εφαρμογήν των ανωτέρω και την ενημέρωσιν των ενδιαφερομένων, ώστε να εξασφαλισθή η ομαλή λειτουργία των υπηρεσιών και η ταχεία διεκπεραίωσις των υποθέσεων του κοινού. Επίσης ορίζεται ότι αι αποφάσεις αύται κοινοποιούνται εις τους αρμοδίους φορείς, οι οποίοι υποχρεούνται να μεριμνήσουν διά την άμεσον εκτέλεσιν αυτών. Το μέτρον αποσκοπεί εις την βελτίωσιν των παρεχομένων υπηρεσιών και εις την καλυτέραν οργάνωσιν των διοικητικών μονάδων εις ολόκληρον την επικράτειαν, κατά τα ισχύοντα και εις τας λοιπάς χώρας της Ευρώπης.

Εν συνεχεία αναφέρεται ότι αι σχετικαί διατάξεις τίθενται εις ισχύν από της δημοσιεύσεως του παρόντος εις την Εφημερίδα της Κυβερνήσεως, πλην αν άλλως ορίζεται εις τας επί μέρους διατάξεις αυτού. Αι αρμόδιαι υπηρεσίαι καλούνται όπως προβούν εις τας αναγκαίας ενεργείας διά την εφαρμογήν των ανωτέρω και την ενημέρωσιν των ενδιαφερομένων, ώστε να εξασφαλισθή η ομαλή λειτουργία των υπηρεσιών και η ταχεία διεκπεραίωσις των υποθέσεων του κοινού. Επίσης ορίζεται ότι αι αποφάσεις αύται κοινοποιούνται εις τους αρμοδίους φορείς, οι οποίοι υποχρεούνται να μεριμνήσουν διά την άμεσον εκτέλεσιν αυτών. Το μέτρον αποσκοπεί εις την βελτίωσιν των παρεχομένων υπηρεσιών και εις την καλυτέραν οργάνωσιν των διοικητικών μονάδων εις ολόκληρον την επικράτειαν, κατά τα ισχύοντα και εις τας λοιπάς χώρας της Ευρώπης.

ΑΡΘΡΟΝ 4ΟΝ

Εν συνεχεία αναφέρεται ότι αι σχετικαί διατάξεις τίθενται εις ισχύν από της δημοσιεύσεως του παρόντος εις την Εφημερίδα της Κυβερνήσεως, πλην αν άλλως ορίζεται εις τας επί μέρους διατάξεις αυτού. Αι αρμόδιαι υπηρεσίαι καλούνται όπως προβούν εις τας αναγκαίας ενεργείας διά την εφαρμογήν των ανωτέρω και την ενημέρωσιν των ενδιαφερομένων, ώστε να εξασφαλισθή η ομαλή λειτουργία των υπηρεσιών και η ταχεία διεκπεραίωσις των υποθέσεων του κοινού. Επίσης ορίζεται ότι αι αποφάσεις αύται κοινοποιούνται εις τους αρμοδίους φορείς, οι οποίοι υποχρεούνται να μεριμνήσουν διά την άμεσον εκτέλεσιν αυτών. Το μέτρον αποσκοπεί εις την βελτίωσιν των παρεχομένων υπηρεσιών και εις την καλυτέραν οργάνωσιν των διοικητικών μονάδων εις ολόκληρον την επικράτειαν, κατά τα ισχύοντα και εις τας λοιπάς χώρας της Ευρώπης.

ΑΡΘΡΟΝ 5ΟΝ

Εν συνεχεία αναφέρεται ότι αι σχετικαί διατάξεις τίθενται εις ισχύν από της δημοσιεύσεως του παρόντος εις την Εφημερίδα της Κυβερνήσεως, πλην αν άλλως ορίζεται εις τας επί μέρους διατάξεις αυτού. Αι αρμόδιαι υπηρεσίαι καλούνται όπως προβούν εις τας αναγκαίας ενεργείας διά την εφαρμογήν των ανωτέρω και την ενημέρωσιν των ενδιαφερομένων, ώστε να εξασφαλισθή η ομαλή λειτουργία των υπηρεσιών και η ταχεία διεκπεραίωσις των υποθέσεων του κοινού. Επίσης ορίζεται ότι αι αποφάσεις αύται κοινοποιούνται εις τους αρμοδίους φορείς, οι οποίοι υποχρεούνται να μεριμνήσουν διά την άμεσον εκτέλεσιν αυτών. Το μέτρον αποσκοπεί εις την βελτίωσιν των παρεχομένων υπηρεσιών και εις την καλυτέραν οργάνωσιν των διοικητικών μονάδων εις ολόκληρον την επικράτειαν, κατά τα ισχύοντα και εις τας λοιπάς χώρας της Ευρώπης.

ΜΕΤΑΒΟΛΑΙ ΛΕΙΤΟΥΡΓΩΝ ΤΗΣ ΜΕΣΗΣ ΕΚΠΑΙΔΕΥΣΕΩΣ ΚΑΙ ΜΟΝΙΜΟΠΟΙΗΣΕΙΣ ΝΗΠΙΑΓΩΓΩΝ ΕΔΗΜΟΣΙΕΥΘΗΣΑΝ ΕΙΣ ΤΗΝ «ΕΦΗΜΕΡΙΔΑ ΤΗΣ ΚΥΒΕΡΝΗΣΕΩΣ»

Εν συνεχεία αναφέρεται ότι αι σχετικαί διατάξεις τίθενται εις ισχύν από της δημοσιεύσεως του παρόντος εις την Εφημερίδα της Κυβερνήσεως, πλην αν άλλως ορίζεται εις τας επί μέρους διατάξεις αυτού. Αι αρμόδιαι υπηρεσίαι καλούνται όπως προβούν εις τας αναγκαίας ενεργείας διά την εφαρμογήν των ανωτέρω και την ενημέρωσιν των ενδιαφερομένων, ώστε να εξασφαλισθή η ομαλή λειτουργία των υπηρεσιών και η ταχεία διεκπεραίωσις των υποθέσεων του κοινού. Επίσης ορίζεται ότι αι αποφάσεις αύται κοινοποιούνται εις τους αρμοδίους φορείς, οι οποίοι υποχρεούνται να μεριμνήσουν διά την άμεσον εκτέλεσιν αυτών. Το μέτρον αποσκοπεί εις την βελτίωσιν των παρεχομένων υπηρεσιών και εις την καλυτέραν οργάνωσιν των διοικητικών μονάδων εις ολόκληρον την επικράτειαν, κατά τα ισχύοντα και εις τας λοιπάς χώρας της Ευρώπης.

Εν συνεχεία αναφέρεται ότι αι σχετικαί διατάξεις τίθενται εις ισχύν από της δημοσιεύσεως του παρόντος εις την Εφημερίδα της Κυβερνήσεως, πλην αν άλλως ορίζεται εις τας επί μέρους διατάξεις αυτού. Αι αρμόδιαι υπηρεσίαι καλούνται όπως προβούν εις τας αναγκαίας ενεργείας διά την εφαρμογήν των ανωτέρω και την ενημέρωσιν των ενδιαφερομένων, ώστε να εξασφαλισθή η ομαλή λειτουργία των υπηρεσιών και η ταχεία διεκπεραίωσις των υποθέσεων του κοινού. Επίσης ορίζεται ότι αι αποφάσεις αύται κοινοποιούνται εις τους αρμοδίους φορείς, οι οποίοι υποχρεούνται να μεριμνήσουν διά την άμεσον εκτέλεσιν αυτών. Το μέτρον αποσκοπεί εις την βελτίωσιν των παρεχομένων υπηρεσιών και εις την καλυτέραν οργάνωσιν των διοικητικών μονάδων εις ολόκληρον την επικράτειαν, κατά τα ισχύοντα και εις τας λοιπάς χώρας της Ευρώπης.

ΜΟΝΙΜΟΠΟΙΗΣΕΙΣ ΝΗΠΙΑΓΩΓΩΝ

Εν συνεχεία αναφέρεται ότι αι σχετικαί διατάξεις τίθενται εις ισχύν από της δημοσιεύσεως του παρόντος εις την Εφημερίδα της Κυβερνήσεως, πλην αν άλλως ορίζεται εις τας επί μέρους διατάξεις αυτού. Αι αρμόδιαι υπηρεσίαι καλούνται όπως προβούν εις τας αναγκαίας ενεργείας διά την εφαρμογήν των ανωτέρω και την ενημέρωσιν των ενδιαφερομένων, ώστε να εξασφαλισθή η ομαλή λειτουργία των υπηρεσιών και η ταχεία διεκπεραίωσις των υποθέσεων του κοινού. Επίσης ορίζεται ότι αι αποφάσεις αύται κοινοποιούνται εις τους αρμοδίους φορείς, οι οποίοι υποχρεούνται να μεριμνήσουν διά την άμεσον εκτέλεσιν αυτών. Το μέτρον αποσκοπεί εις την βελτίωσιν των παρεχομένων υπηρεσιών και εις την καλυτέραν οργάνωσιν των διοικητικών μονάδων εις ολόκληρον την επικράτειαν, κατά τα ισχύοντα και εις τας λοιπάς χώρας της Ευρώπης.

Εν συνεχεία αναφέρεται ότι αι σχετικαί διατάξεις τίθενται εις ισχύν από της δημοσιεύσεως του παρόντος εις την Εφημερίδα της Κυβερνήσεως, πλην αν άλλως ορίζεται εις τας επί μέρους διατάξεις αυτού. Αι αρμόδιαι υπηρεσίαι καλούνται όπως προβούν εις τας αναγκαίας ενεργείας διά την εφαρμογήν των ανωτέρω και την ενημέρωσιν των ενδιαφερομένων, ώστε να εξασφαλισθή η ομαλή λειτουργία των υπηρεσιών και η ταχεία διεκπεραίωσις των υποθέσεων του κοινού. Επίσης ορίζεται ότι αι αποφάσεις αύται κοινοποιούνται εις τους αρμοδίους φορείς, οι οποίοι υποχρεούνται να μεριμνήσουν διά την άμεσον εκτέλεσιν αυτών. Το μέτρον αποσκοπεί εις την βελτίωσιν των παρεχομένων υπηρεσιών και εις την καλυτέραν οργάνωσιν των διοικητικών μονάδων εις ολόκληρον την επικράτειαν, κατά τα ισχύοντα και εις τας λοιπάς χώρας της Ευρώπης.

Εν συνεχεία αναφέρεται ότι αι σχετικαί διατάξεις τίθενται εις ισχύν από της δημοσιεύσεως του παρόντος εις την Εφημερίδα της Κυβερνήσεως, πλην αν άλλως ορίζεται εις τας επί μέρους διατάξεις αυτού. Αι αρμόδιαι υπηρεσίαι καλούνται όπως προβούν εις τας αναγκαίας ενεργείας διά την εφαρμογήν των ανωτέρω και την ενημέρωσιν των ενδιαφερομένων, ώστε να εξασφαλισθή η ομαλή λειτουργία των υπηρεσιών και η ταχεία διεκπεραίωσις των υποθέσεων του κοινού. Επίσης ορίζεται ότι αι αποφάσεις αύται κοινοποιούνται εις τους αρμοδίους φορείς, οι οποίοι υποχρεούνται να μεριμνήσουν διά την άμεσον εκτέλεσιν αυτών. Το μέτρον αποσκοπεί εις την βελτίωσιν των παρεχομένων υπηρεσιών και εις την καλυτέραν οργάνωσιν των διοικητικών μονάδων εις ολόκληρον την επικράτειαν, κατά τα ισχύοντα και εις τας λοιπάς χώρας της Ευρώπης.

Εν συνεχεία αναφέρεται ότι αι σχετικαί διατάξεις τίθενται εις ισχύν από της δημοσιεύσεως του παρόντος εις την Εφημερίδα της Κυβερνήσεως, πλην αν άλλως ορίζεται εις τας επί μέρους διατάξεις αυτού. Αι αρμόδιαι υπηρεσίαι καλούνται όπως προβούν εις τας αναγκαίας ενεργείας διά την εφαρμογήν των ανωτέρω και την ενημέρωσιν των ενδιαφερομένων, ώστε να εξασφαλισθή η ομαλή λειτουργία των υπηρεσιών και η ταχεία διεκπεραίωσις των υποθέσεων του κοινού. Επίσης ορίζεται ότι αι αποφάσεις αύται κοινοποιούνται εις τους αρμοδίους φορείς, οι οποίοι υποχρεούνται να μεριμνήσουν διά την άμεσον εκτέλεσιν αυτών. Το μέτρον αποσκοπεί εις την βελτίωσιν των παρεχομένων υπηρεσιών και εις την καλυτέραν οργάνωσιν των διοικητικών μονάδων εις ολόκληρον την επικράτειαν, κατά τα ισχύοντα και εις τας λοιπάς χώρας της Ευρώπης.

ΑΡΘΡΟΝ 6ΟΝ

Εν συνεχεία αναφέρεται ότι αι σχετικαί διατάξεις τίθενται εις ισχύν από της δημοσιεύσεως του παρόντος εις την Εφημερίδα της Κυβερνήσεως, πλην αν άλλως ορίζεται εις τας επί μέρους διατάξεις αυτού. Αι αρμόδιαι υπηρεσίαι καλούνται όπως προβούν εις τας αναγκαίας ενεργείας διά την εφαρμογήν των ανωτέρω και την ενημέρωσιν των ενδιαφερομένων, ώστε να εξασφαλισθή η ομαλή λειτουργία των υπηρεσιών και η ταχεία διεκπεραίωσις των υποθέσεων του κοινού. Επίσης ορίζεται ότι αι αποφάσεις αύται κοινοποιούνται εις τους αρμοδίους φορείς, οι οποίοι υποχρεούνται να μεριμνήσουν διά την άμεσον εκτέλεσιν αυτών. Το μέτρον αποσκοπεί εις την βελτίωσιν των παρεχομένων υπηρεσιών και εις την καλυτέραν οργάνωσιν των διοικητικών μονάδων εις ολόκληρον την επικράτειαν, κατά τα ισχύοντα και εις τας λοιπάς χώρας της Ευρώπης.

ΑΡΘΡΟΝ 7ΟΝ

Εν συνεχεία αναφέρεται ότι αι σχετικαί διατάξεις τίθενται εις ισχύν από της δημοσιεύσεως του παρόντος εις την Εφημερίδα της Κυβερνήσεως, πλην αν άλλως ορίζεται εις τας επί μέρους διατάξεις αυτού. Αι αρμόδιαι υπηρεσίαι καλούνται όπως προβούν εις τας αναγκαίας ενεργείας διά την εφαρμογήν των ανωτέρω και την ενημέρωσιν των ενδιαφερομένων, ώστε να εξασφαλισθή η ομαλή λειτουργία των υπηρεσιών και η ταχεία διεκπεραίωσις των υποθέσεων του κοινού. Επίσης ορίζεται ότι αι αποφάσεις αύται κοινοποιούνται εις τους αρμοδίους φορείς, οι οποίοι υποχρεούνται να μεριμνήσουν διά την άμεσον εκτέλεσιν αυτών. Το μέτρον αποσκοπεί εις την βελτίωσιν των παρεχομένων υπηρεσιών και εις την καλυτέραν οργάνωσιν των διοικητικών μονάδων εις ολόκληρον την επικράτειαν, κατά τα ισχύοντα και εις τας λοιπάς χώρας της Ευρώπης.

ΑΡΘΡΟΝ 8ΟΝ

Εν συνεχεία αναφέρεται ότι αι σχετικαί διατάξεις τίθενται εις ισχύν από της δημοσιεύσεως του παρόντος εις την Εφημερίδα της Κυβερνήσεως, πλην αν άλλως ορίζεται εις τας επί μέρους διατάξεις αυτού. Αι αρμόδιαι υπηρεσίαι καλούνται όπως προβούν εις τας αναγκαίας ενεργείας διά την εφαρμογήν των ανωτέρω και την ενημέρωσιν των ενδιαφερομένων, ώστε να εξασφαλισθή η ομαλή λειτουργία των υπηρεσιών και η ταχεία διεκπεραίωσις των υποθέσεων του κοινού. Επίσης ορίζεται ότι αι αποφάσεις αύται κοινοποιούνται εις τους αρμοδίους φορείς, οι οποίοι υποχρεούνται να μεριμνήσουν διά την άμεσον εκτέλεσιν αυτών. Το μέτρον αποσκοπεί εις την βελτίωσιν των παρεχομένων υπηρεσιών και εις την καλυτέραν οργάνωσιν των διοικητικών μονάδων εις ολόκληρον την επικράτειαν, κατά τα ισχύοντα και εις τας λοιπάς χώρας της Ευρώπης.

Η ΔΙΑΔΟΧΟΣ ΤΗΣ ΔΑΝΙΑΣ ΗΚΥΡΩΣΕ ΤΗΝ ΠΕΡΙΟΔΕΙΑΝ ΤΗΣ ΕΙΣ ΧΩΡΑΣ ΤΗΣ ΑΠΟ ΑΝΑΤΟΛΗΣ ΚΑΙ ΕΙΣ ΤΗΝ ΡΩΣΣΙΑΝ
ΣΥΝΕΧΕΙΑ ΕΚ ΤΗΣ 1ΗΣ ΣΕΛ.

Εν συνεχεία αναφέρεται ότι αι σχετικαί διατάξεις τίθενται εις ισχύν από της δημοσιεύσεως του παρόντος εις την Εφημερίδα της Κυβερνήσεως, πλην αν άλλως ορίζεται εις τας επί μέρους διατάξεις αυτού. Αι αρμόδιαι υπηρεσίαι καλούνται όπως προβούν εις τας αναγκαίας ενεργείας διά την εφαρμογήν των ανωτέρω και την ενημέρωσιν των ενδιαφερομένων, ώστε να εξασφαλισθή η ομαλή λειτουργία των υπηρεσιών και η ταχεία διεκπεραίωσις των υποθέσεων του κοινού. Επίσης ορίζεται ότι αι αποφάσεις αύται κοινοποιούνται εις τους αρμοδίους φορείς, οι οποίοι υποχρεούνται να μεριμνήσουν διά την άμεσον εκτέλεσιν αυτών. Το μέτρον αποσκοπεί εις την βελτίωσιν των παρεχομένων υπηρεσιών και εις την καλυτέραν οργάνωσιν των διοικητικών μονάδων εις ολόκληρον την επικράτειαν, κατά τα ισχύοντα και εις τας λοιπάς χώρας της Ευρώπης.

Εν συνεχεία αναφέρεται ότι αι σχετικαί διατάξεις τίθενται εις ισχύν από της δημοσιεύσεως του παρόντος εις την Εφημερίδα της Κυβερνήσεως, πλην αν άλλως ορίζεται εις τας επί μέρους διατάξεις αυτού. Αι αρμόδιαι υπηρεσίαι καλούνται όπως προβούν εις τας αναγκαίας ενεργείας διά την εφαρμογήν των ανωτέρω και την ενημέρωσιν των ενδιαφερομένων, ώστε να εξασφαλισθή η ομαλή λειτουργία των υπηρεσιών και η ταχεία διεκπεραίωσις των υποθέσεων του κοινού. Επίσης ορίζεται ότι αι αποφάσεις αύται κοινοποιούνται εις τους αρμοδίους φορείς, οι οποίοι υποχρεούνται να μεριμνήσουν διά την άμεσον εκτέλεσιν αυτών. Το μέτρον αποσκοπεί εις την βελτίωσιν των παρεχομένων υπηρεσιών και εις την καλυτέραν οργάνωσιν των διοικητικών μονάδων εις ολόκληρον την επικράτειαν, κατά τα ισχύοντα και εις τας λοιπάς χώρας της Ευρώπης.

Εν συνεχεία αναφέρεται ότι αι σχετικαί διατάξεις τίθενται εις ισχύν από της δημοσιεύσεως του παρόντος εις την Εφημερίδα της Κυβερνήσεως, πλην αν άλλως ορίζεται εις τας επί μέρους διατάξεις αυτού. Αι αρμόδιαι υπηρεσίαι καλούνται όπως προβούν εις τας αναγκαίας ενεργείας διά την εφαρμογήν των ανωτέρω και την ενημέρωσιν των ενδιαφερομένων, ώστε να εξασφαλισθή η ομαλή λειτουργία των υπηρεσιών και η ταχεία διεκπεραίωσις των υποθέσεων του κοινού. Επίσης ορίζεται ότι αι αποφάσεις αύται κοινοποιούνται εις τους αρμοδίους φορείς, οι οποίοι υποχρεούνται να μεριμνήσουν διά την άμεσον εκτέλεσιν αυτών. Το μέτρον αποσκοπεί εις την βελτίωσιν των παρεχομένων υπηρεσιών και εις την καλυτέραν οργάνωσιν των διοικητικών μονάδων εις ολόκληρον την επικράτειαν, κατά τα ισχύοντα και εις τας λοιπάς χώρας της Ευρώπης.

ΣΕΛΙΣ 7
ΑΙ ΠΡΟΚΡΙΜΑΤΙΚΑΙ ΕΚΛΟΓΑΙ ΕΙΣ ΑΜΕΡΙΚΗΝ ΑΠΟΤΕΛΟΥΝ ΤΟ ΒΑΡΟΜΕΤΡΟΝ ΤΟΥ ΕΠΙΚΡΑΤΟΥΝΤΟΣ ΠΟΛΙΤΙΚΟΥ ΚΛΙΜΑΤΟΣ

ΟΥΑΣΙΓΚΤΩΝ, 13, (Ύπηρ. Τύπου).— Από τετραετίας, κατά την διάρκειαν της προεκλογικής εκστρατείας.

Εν συνεχεία αναφέρεται ότι αι σχετικαί διατάξεις τίθενται εις ισχύν από της δημοσιεύσεως του παρόντος εις την Εφημερίδα της Κυβερνήσεως, πλην αν άλλως ορίζεται εις τας επί μέρους διατάξεις αυτού. Αι αρμόδιαι υπηρεσίαι καλούνται όπως προβούν εις τας αναγκαίας ενεργείας διά την εφαρμογήν των ανωτέρω και την ενημέρωσιν των ενδιαφερομένων, ώστε να εξασφαλισθή η ομαλή λειτουργία των υπηρεσιών και η ταχεία διεκπεραίωσις των υποθέσεων του κοινού. Επίσης ορίζεται ότι αι αποφάσεις αύται κοινοποιούνται εις τους αρμοδίους φορείς, οι οποίοι υποχρεούνται να μεριμνήσουν διά την άμεσον εκτέλεσιν αυτών. Το μέτρον αποσκοπεί εις την βελτίωσιν των παρεχομένων υπηρεσιών και εις την καλυτέραν οργάνωσιν των διοικητικών μονάδων εις ολόκληρον την επικράτειαν, κατά τα ισχύοντα και εις τας λοιπάς χώρας της Ευρώπης.

Εν συνεχεία αναφέρεται ότι αι σχετικαί διατάξεις τίθενται εις ισχύν από της δημοσιεύσεως του παρόντος εις την Εφημερίδα της Κυβερνήσεως, πλην αν άλλως ορίζεται εις τας επί μέρους διατάξεις αυτού. Αι αρμόδιαι υπηρεσίαι καλούνται όπως προβούν εις τας αναγκαίας ενεργείας διά την εφαρμογήν των ανωτέρω και την ενημέρωσιν των ενδιαφερομένων, ώστε να εξασφαλισθή η ομαλή λειτουργία των υπηρεσιών και η ταχεία διεκπεραίωσις των υποθέσεων του κοινού. Επίσης ορίζεται ότι αι αποφάσεις αύται κοινοποιούνται εις τους αρμοδίους φορείς, οι οποίοι υποχρεούνται να μεριμνήσουν διά την άμεσον εκτέλεσιν αυτών. Το μέτρον αποσκοπεί εις την βελτίωσιν των παρεχομένων υπηρεσιών και εις την καλυτέραν οργάνωσιν των διοικητικών μονάδων εις ολόκληρον την επικράτειαν, κατά τα ισχύοντα και εις τας λοιπάς χώρας της Ευρώπης.

Εν συνεχεία αναφέρεται ότι αι σχετικαί διατάξεις τίθενται εις ισχύν από της δημοσιεύσεως του παρόντος εις την Εφημερίδα της Κυβερνήσεως, πλην αν άλλως ορίζεται εις τας επί μέρους διατάξεις αυτού. Αι αρμόδιαι υπηρεσίαι καλούνται όπως προβούν εις τας αναγκαίας ενεργείας διά την εφαρμογήν των ανωτέρω και την ενημέρωσιν των ενδιαφερομένων, ώστε να εξασφαλισθή η ομαλή λειτουργία των υπηρεσιών και η ταχεία διεκπεραίωσις των υποθέσεων του κοινού. Επίσης ορίζεται ότι αι αποφάσεις αύται κοινοποιούνται εις τους αρμοδίους φορείς, οι οποίοι υποχρεούνται να μεριμνήσουν διά την άμεσον εκτέλεσιν αυτών. Το μέτρον αποσκοπεί εις την βελτίωσιν των παρεχομένων υπηρεσιών και εις την καλυτέραν οργάνωσιν των διοικητικών μονάδων εις ολόκληρον την επικράτειαν, κατά τα ισχύοντα και εις τας λοιπάς χώρας της Ευρώπης.

ΕΝΤΟΝΟΣ Η ΚΑΤΑΒΑΛΛΟΜΕΝΗ ΠΡΟΣΠΑΘΕΙΑ ΠΡΟΣ ΕΚΣΥΓΧΡΟΝΙΣΜΟΝ ΤΗΣ ΔΕΝΔΡΟΚΟΜΙΑΣ ΚΑΙ ΑΞΙΟΠΟΙΗΣΙΝ ΤΩΝ ΟΠΩΡΟΚΗΠΕΥΤΙΚΩΝ
ΔΙΑΘΕΣΙΣ ΠΙΣΤΩΣΕΩΝ ΔΙΑ ΤΗΝ ΛΕΙΤΟΥΡΓΙΑΝ ΤΩΝ ΝΟΣΟΚΟΜΕΙΩΝ

ΑΘΗΝΑΙ, 13.— Ποσόν 67.350.000 δραχμών διετέθη.

Εν συνεχεία αναφέρεται ότι αι σχετικαί διατάξεις τίθενται εις ισχύν από της δημοσιεύσεως του παρόντος εις την Εφημερίδα της Κυβερνήσεως, πλην αν άλλως ορίζεται εις τας επί μέρους διατάξεις αυτού. Αι αρμόδιαι υπηρεσίαι καλούνται όπως προβούν εις τας αναγκαίας ενεργείας διά την εφαρμογήν των ανωτέρω και την ενημέρωσιν των ενδιαφερομένων, ώστε να εξασφαλισθή η ομαλή λειτουργία των υπηρεσιών και η ταχεία διεκπεραίωσις των υποθέσεων του κοινού. Επίσης ορίζεται ότι αι αποφάσεις αύται κοινοποιούνται εις τους αρμοδίους φορείς, οι οποίοι υποχρεούνται να μεριμνήσουν διά την άμεσον εκτέλεσιν αυτών. Το μέτρον αποσκοπεί εις την βελτίωσιν των παρεχομένων υπηρεσιών και εις την καλυτέραν οργάνωσιν των διοικητικών μονάδων εις ολόκληρον την επικράτειαν, κατά τα ισχύοντα και εις τας λοιπάς χώρας της Ευρώπης.

ΠΑΡΕΤΑΘΗ Η ΙΣΧΥΣ ΤΩΝ ΒΙΒΛΙΑΡΙΩΝ ΠΟΛΥΤΕΚΝΩΝ

ΑΘΗΝΑΙ, 13.— Δι' αποφάσεως του υπουργού κοινωνικών υπηρεσιών.

ΑΠΟ ΤΗΣ 1ΗΣ ΦΕΒΡΟΥΑΡΙΟΥ Η ΕΠΙΛΟΓΗ ΠΑΙΔΩΝ ΔΙΑ ΤΑΣ ΚΑΤΑΣΚΗΝΩΣΕΙΣ

ΑΘΗΝΑΙ, 13.— Από 1ης Φεβρουαρίου άρχεται η επιλογή.

Εν συνεχεία αναφέρεται ότι αι σχετικαί διατάξεις τίθενται εις ισχύν από της δημοσιεύσεως του παρόντος εις την Εφημερίδα της Κυβερνήσεως, πλην αν άλλως ορίζεται εις τας επί μέρους διατάξεις αυτού. Αι αρμόδιαι υπηρεσίαι καλούνται όπως προβούν εις τας αναγκαίας ενεργείας διά την εφαρμογήν των ανωτέρω και την ενημέρωσιν των ενδιαφερομένων, ώστε να εξασφαλισθή η ομαλή λειτουργία των υπηρεσιών και η ταχεία διεκπεραίωσις των υποθέσεων του κοινού. Επίσης ορίζεται ότι αι αποφάσεις αύται κοινοποιούνται εις τους αρμοδίους φορείς, οι οποίοι υποχρεούνται να μεριμνήσουν διά την άμεσον εκτέλεσιν αυτών. Το μέτρον αποσκοπεί εις την βελτίωσιν των παρεχομένων υπηρεσιών και εις την καλυτέραν οργάνωσιν των διοικητικών μονάδων εις ολόκληρον την επικράτειαν, κατά τα ισχύοντα και εις τας λοιπάς χώρας της Ευρώπης.

Εν συνεχεία αναφέρεται ότι αι σχετικαί διατάξεις τίθενται εις ισχύν από της δημοσιεύσεως του παρόντος εις την Εφημερίδα της Κυβερνήσεως, πλην αν άλλως ορίζεται εις τας επί μέρους διατάξεις αυτού. Αι αρμόδιαι υπηρεσίαι καλούνται όπως προβούν εις τας αναγκαίας ενεργείας διά την εφαρμογήν των ανωτέρω και την ενημέρωσιν των ενδιαφερομένων, ώστε να εξασφαλισθή η ομαλή λειτουργία των υπηρεσιών και η ταχεία διεκπεραίωσις των υποθέσεων του κοινού. Επίσης ορίζεται ότι αι αποφάσεις αύται κοινοποιούνται εις τους αρμοδίους φορείς, οι οποίοι υποχρεούνται να μεριμνήσουν διά την άμεσον εκτέλεσιν αυτών. Το μέτρον αποσκοπεί εις την βελτίωσιν των παρεχομένων υπηρεσιών και εις την καλυτέραν οργάνωσιν των διοικητικών μονάδων εις ολόκληρον την επικράτειαν, κατά τα ισχύοντα και εις τας λοιπάς χώρας της Ευρώπης.

Εν συνεχεία αναφέρεται ότι αι σχετικαί διατάξεις τίθενται εις ισχύν από της δημοσιεύσεως του παρόντος εις την Εφημερίδα της Κυβερνήσεως, πλην αν άλλως ορίζεται εις τας επί μέρους διατάξεις αυτού. Αι αρμόδιαι υπηρεσίαι καλούνται όπως προβούν εις τας αναγκαίας ενεργείας διά την εφαρμογήν των ανωτέρω και την ενημέρωσιν των ενδιαφερομένων, ώστε να εξασφαλισθή η ομαλή λειτουργία των υπηρεσιών και η ταχεία διεκπεραίωσις των υποθέσεων του κοινού. Επίσης ορίζεται ότι αι αποφάσεις αύται κοινοποιούνται εις τους αρμοδίους φορείς, οι οποίοι υποχρεούνται να μεριμνήσουν διά την άμεσον εκτέλεσιν αυτών. Το μέτρον αποσκοπεί εις την βελτίωσιν των παρεχομένων υπηρεσιών και εις την καλυτέραν οργάνωσιν των διοικητικών μονάδων εις ολόκληρον την επικράτειαν, κατά τα ισχύοντα και εις τας λοιπάς χώρας της Ευρώπης.

Εν συνεχεία αναφέρεται ότι αι σχετικαί διατάξεις τίθενται εις ισχύν από της δημοσιεύσεως του παρόντος εις την Εφημερίδα της Κυβερνήσεως, πλην αν άλλως ορίζεται εις τας επί μέρους διατάξεις αυτού. Αι αρμόδιαι υπηρεσίαι καλούνται όπως προβούν εις τας αναγκαίας ενεργείας διά την εφαρμογήν των ανωτέρω και την ενημέρωσιν των ενδιαφερομένων, ώστε να εξασφαλισθή η ομαλή λειτουργία των υπηρεσιών και η ταχεία διεκπεραίωσις των υποθέσεων του κοινού. Επίσης ορίζεται ότι αι αποφάσεις αύται κοινοποιούνται εις τους αρμοδίους φορείς, οι οποίοι υποχρεούνται να μεριμνήσουν διά την άμεσον εκτέλεσιν αυτών. Το μέτρον αποσκοπεί εις την βελτίωσιν των παρεχομένων υπηρεσιών και εις την καλυτέραν οργάνωσιν των διοικητικών μονάδων εις ολόκληρον την επικράτειαν, κατά τα ισχύοντα και εις τας λοιπάς χώρας της Ευρώπης.

ΕΙΣ ΤΟΝ ΡΟΛΟΝ ΤΗΣ ΣΥΜΒΟΥΛΕΥΤΙΚΗΣ ΕΠΙΤΡΟΠΗΣ ΑΝΕΦΕΡΘΗ Ο Κ. ΒΟΓΙΑΤΖΗΣ ΕΙΣ ΣΥΝΕΝΤΕΥΞΙΝ ΤΟΥ

ΑΘΗΝΑΙ, 13.— Εις ραδιοφωνικήν συνέντευξίν του ο υφυπουργός.

Εν συνεχεία αναφέρεται ότι αι σχετικαί διατάξεις τίθενται εις ισχύν από της δημοσιεύσεως του παρόντος εις την Εφημερίδα της Κυβερνήσεως, πλην αν άλλως ορίζεται εις τας επί μέρους διατάξεις αυτού. Αι αρμόδιαι υπηρεσίαι καλούνται όπως προβούν εις τας αναγκαίας ενεργείας διά την εφαρμογήν των ανωτέρω και την ενημέρωσιν των ενδιαφερομένων, ώστε να εξασφαλισθή η ομαλή λειτουργία των υπηρεσιών και η ταχεία διεκπεραίωσις των υποθέσεων του κοινού. Επίσης ορίζεται ότι αι αποφάσεις αύται κοινοποιούνται εις τους αρμοδίους φορείς, οι οποίοι υποχρεούνται να μεριμνήσουν διά την άμεσον εκτέλεσιν αυτών. Το μέτρον αποσκοπεί εις την βελτίωσιν των παρεχομένων υπηρεσιών και εις την καλυτέραν οργάνωσιν των διοικητικών μονάδων εις ολόκληρον την επικράτειαν, κατά τα ισχύοντα και εις τας λοιπάς χώρας της Ευρώπης.

Εν συνεχεία αναφέρεται ότι αι σχετικαί διατάξεις τίθενται εις ισχύν από της δημοσιεύσεως του παρόντος εις την Εφημερίδα της Κυβερνήσεως, πλην αν άλλως ορίζεται εις τας επί μέρους διατάξεις αυτού. Αι αρμόδιαι υπηρεσίαι καλούνται όπως προβούν εις τας αναγκαίας ενεργείας διά την εφαρμογήν των ανωτέρω και την ενημέρωσιν των ενδιαφερομένων, ώστε να εξασφαλισθή η ομαλή λειτουργία των υπηρεσιών και η ταχεία διεκπεραίωσις των υποθέσεων του κοινού. Επίσης ορίζεται ότι αι αποφάσεις αύται κοινοποιούνται εις τους αρμοδίους φορείς, οι οποίοι υποχρεούνται να μεριμνήσουν διά την άμεσον εκτέλεσιν αυτών. Το μέτρον αποσκοπεί εις την βελτίωσιν των παρεχομένων υπηρεσιών και εις την καλυτέραν οργάνωσιν των διοικητικών μονάδων εις ολόκληρον την επικράτειαν, κατά τα ισχύοντα και εις τας λοιπάς χώρας της Ευρώπης.

ΚΑΤΕΡΡΕΥΣΕ ΜΕ ΤΟ ΠΡΑΞΙΚΟΠΗΜΑ ΕΙΣ ΤΗΝ ΓΚΑΝΑΝ ΤΟ ΤΕΛΕΥΤΑΙΟΝ ΔΗΜΟΚΡΑΤΙΚΟΝ ΚΑΘΕΣΤΩΣ ΤΗΣ ΑΦΡΙΚΗΣ
ΣΥΝΕΧΕΙΑ ΕΚ ΤΗΣ 1ΗΣ ΣΕΛ.

Εν συνεχεία αναφέρεται ότι αι σχετικαί διατάξεις τίθενται εις ισχύν από της δημοσιεύσεως του παρόντος εις την Εφημερίδα της Κυβερνήσεως, πλην αν άλλως ορίζεται εις τας επί μέρους διατάξεις αυτού. Αι αρμόδιαι υπηρεσίαι καλούνται όπως προβούν εις τας αναγκαίας ενεργείας διά την εφαρμογήν των ανωτέρω και την ενημέρωσιν των ενδιαφερομένων, ώστε να εξασφαλισθή η ομαλή λειτουργία των υπηρεσιών και η ταχεία διεκπεραίωσις των υποθέσεων του κοινού. Επίσης ορίζεται ότι αι αποφάσεις αύται κοινοποιούνται εις τους αρμοδίους φορείς, οι οποίοι υποχρεούνται να μεριμνήσουν διά την άμεσον εκτέλεσιν αυτών. Το μέτρον αποσκοπεί εις την βελτίωσιν των παρεχομένων υπηρεσιών και εις την καλυτέραν οργάνωσιν των διοικητικών μονάδων εις ολόκληρον την επικράτειαν, κατά τα ισχύοντα και εις τας λοιπάς χώρας της Ευρώπης.

Η ΕΠΙΤΡΟΠΗ ΑΝΑΦΕΡΕΙ

Εν συνεχεία αναφέρεται ότι αι σχετικαί διατάξεις τίθενται εις ισχύν από της δημοσιεύσεως του παρόντος εις την Εφημερίδα της Κυβερνήσεως, πλην αν άλλως ορίζεται εις τας επί μέρους διατάξεις αυτού. Αι αρμόδιαι υπηρεσίαι καλούνται όπως προβούν εις τας αναγκαίας ενεργείας διά την εφαρμογήν των ανωτέρω και την ενημέρωσιν των ενδιαφερομένων, ώστε να εξασφαλισθή η ομαλή λειτουργία των υπηρεσιών και η ταχεία διεκπεραίωσις των υποθέσεων του κοινού. Επίσης ορίζεται ότι αι αποφάσεις αύται κοινοποιούνται εις τους αρμοδίους φορείς, οι οποίοι υποχρεούνται να μεριμνήσουν διά την άμεσον εκτέλεσιν αυτών. Το μέτρον αποσκοπεί εις την βελτίωσιν των παρεχομένων υπηρεσιών και εις την καλυτέραν οργάνωσιν των διοικητικών μονάδων εις ολόκληρον την επικράτειαν, κατά τα ισχύοντα και εις τας λοιπάς χώρας της Ευρώπης.

Εν συνεχεία αναφέρεται ότι αι σχετικαί διατάξεις τίθενται εις ισχύν από της δημοσιεύσεως του παρόντος εις την Εφημερίδα της Κυβερνήσεως, πλην αν άλλως ορίζεται εις τας επί μέρους διατάξεις αυτού. Αι αρμόδιαι υπηρεσίαι καλούνται όπως προβούν εις τας αναγκαίας ενεργείας διά την εφαρμογήν των ανωτέρω και την ενημέρωσιν των ενδιαφερομένων, ώστε να εξασφαλισθή η ομαλή λειτουργία των υπηρεσιών και η ταχεία διεκπεραίωσις των υποθέσεων του κοινού. Επίσης ορίζεται ότι αι αποφάσεις αύται κοινοποιούνται εις τους αρμοδίους φορείς, οι οποίοι υποχρεούνται να μεριμνήσουν διά την άμεσον εκτέλεσιν αυτών. Το μέτρον αποσκοπεί εις την βελτίωσιν των παρεχομένων υπηρεσιών και εις την καλυτέραν οργάνωσιν των διοικητικών μονάδων εις ολόκληρον την επικράτειαν, κατά τα ισχύοντα και εις τας λοιπάς χώρας της Ευρώπης.

ΠΑΡΗΓΓΗΘΗ

Εν συνεχεία αναφέρεται ότι αι σχετικαί διατάξεις τίθενται εις ισχύν από της δημοσιεύσεως του παρόντος εις την Εφημερίδα της Κυβερνήσεως, πλην αν άλλως ορίζεται εις τας επί μέρους διατάξεις αυτού. Αι αρμόδιαι υπηρεσίαι καλούνται όπως προβούν εις τας αναγκαίας ενεργείας διά την εφαρμογήν των ανωτέρω και την ενημέρωσιν των ενδιαφερομένων, ώστε να εξασφαλισθή η ομαλή λειτουργία των υπηρεσιών και η ταχεία διεκπεραίωσις των υποθέσεων του κοινού. Επίσης ορίζεται ότι αι αποφάσεις αύται κοινοποιούνται εις τους αρμοδίους φορείς, οι οποίοι υποχρεούνται να μεριμνήσουν διά την άμεσον εκτέλεσιν αυτών. Το μέτρον αποσκοπεί εις την βελτίωσιν των παρεχομένων υπηρεσιών και εις την καλυτέραν οργάνωσιν των διοικητικών μονάδων εις ολόκληρον την επικράτειαν, κατά τα ισχύοντα και εις τας λοιπάς χώρας της Ευρώπης.
